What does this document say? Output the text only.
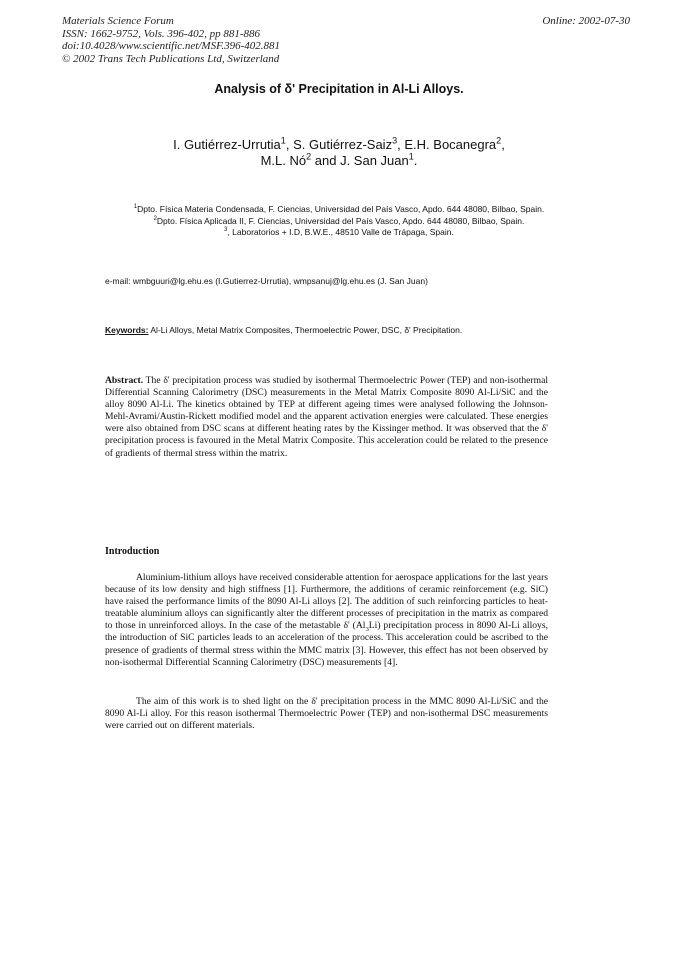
Materials Science Forum
ISSN: 1662-9752, Vols. 396-402, pp 881-886
doi:10.4028/www.scientific.net/MSF.396-402.881
© 2002 Trans Tech Publications Ltd, Switzerland
Online: 2002-07-30
Analysis of δ' Precipitation in Al-Li Alloys.
I. Gutiérrez-Urrutia$^1$, S. Gutiérrez-Saiz$^3$, E.H. Bocanegra$^2$,
M.L. $Nó^2$ and J. San Juan$^1$.

$^1$Dpto. Física Materia Condensada, F. Ciencias, Universidad del País Vasco, Apdo. 644 48080, Bilbao, Spain.

$^2$Dpto. Física Aplicada II, F. Ciencias, Universidad del País Vasco, Apdo. 644 48080, Bilbao, Spain.

$^3$, Laboratorios + I.D, B.W.E., 48510 Valle de Trápaga, Spain.

e-mail: wmbguuri@lg.ehu.es (I.Gutierrez-Urrutia), wmpsanuj@lg.ehu.es (J. San Juan)
Keywords: Al-Li Alloys, Metal Matrix Composites, Thermoelectric Power, DSC, δ' Precipitation.
Abstract. The δ' precipitation process was studied by isothermal Thermoelectric Power (TEP) and non-isothermal Differential Scanning Calorimetry (DSC) measurements in the Metal Matrix Composite 8090 Al-Li/SiC and the alloy 8090 Al-Li. The kinetics obtained by TEP at different ageing times were analysed following the Johnson-Mehl-Avrami/Austin-Rickett modified model and the apparent activation energies were calculated. These energies were also obtained from DSC scans at different heating rates by the Kissinger method. It was observed that the δ' precipitation process is favoured in the Metal Matrix Composite. This acceleration could be related to the presence of gradients of thermal stress within the matrix.
Introduction
Aluminium-lithium alloys have received considerable attention for aerospace applications for the last years because of its low density and high stiffness [1]. Furthermore, the additions of ceramic reinforcement (e.g. SiC) have raised the performance limits of the 8090 Al-Li alloys [2]. The addition of such reinforcing particles to heat-treatable aluminium alloys can significantly alter the different processes of precipitation in the matrix as compared to those in unreinforced alloys. In the case of the metastable δ' $(Al_3Li)$ precipitation process in 8090 Al-Li alloys, the introduction of SiC particles leads to an acceleration of the process. This acceleration could be ascribed to the presence of gradients of thermal stress within the MMC matrix [3]. However, this effect has not been observed by non-isothermal Differential Scanning Calorimetry (DSC) measurements [4].
The aim of this work is to shed light on the δ' precipitation process in the MMC 8090 Al-Li/SiC and the 8090 Al-Li alloy. For this reason isothermal Thermoelectric Power (TEP) and non-isothermal DSC measurements were carried out on different materials.
